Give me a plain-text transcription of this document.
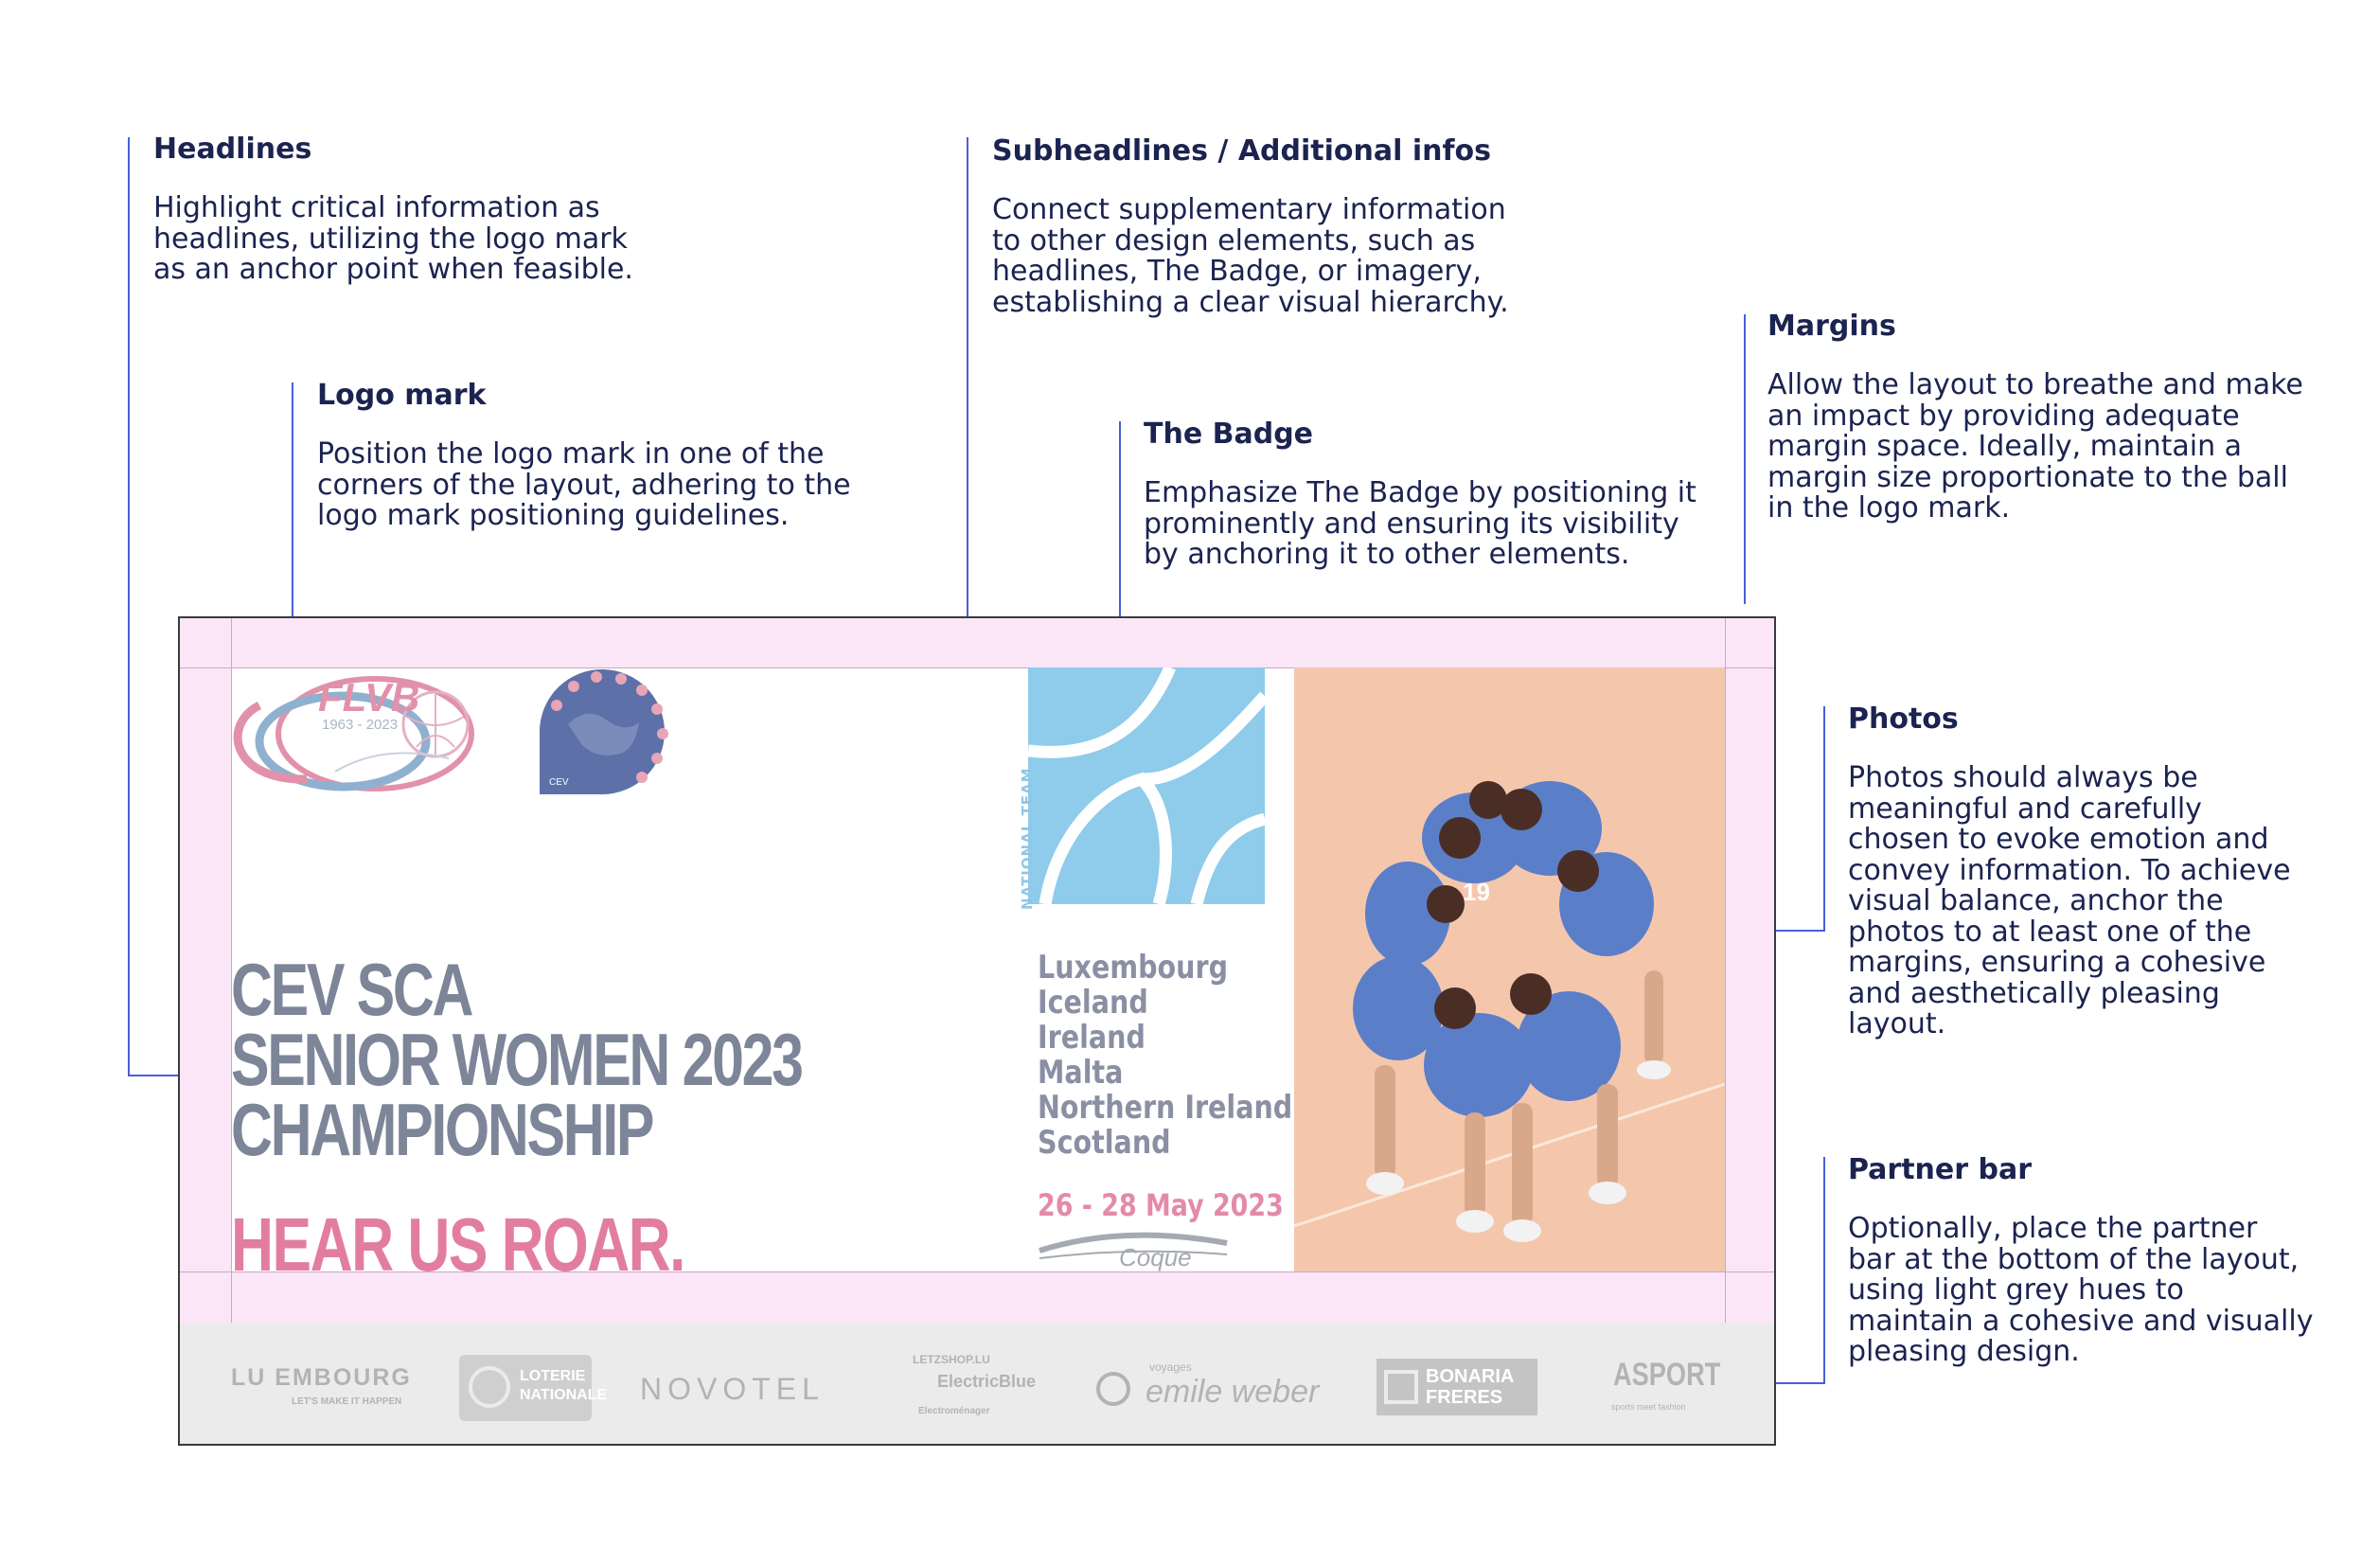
Headlines

Highlight critical information as
headlines, utilizing the logo mark
as an anchor point when feasible.

Logo mark

Position the logo mark in one of the
corners of the layout, adhering to the
logo mark positioning guidelines.

Subheadlines / Additional infos

Connect supplementary information
to other design elements, such as
headlines, The Badge, or imagery,
establishing a clear visual hierarchy.

The Badge

Emphasize The Badge by positioning it
prominently and ensuring its visibility
by anchoring it to other elements.

Margins

Allow the layout to breathe and make
an impact by providing adequate
margin space. Ideally, maintain a
margin size proportionate to the ball
in the logo mark.

Photos

Photos should always be
meaningful and carefully
chosen to evoke emotion and
convey information. To achieve
visual balance, anchor the
photos to at least one of the
margins, ensuring a cohesive
and aesthetically pleasing
layout.

Partner bar

Optionally, place the partner
bar at the bottom of the layout,
using light grey hues to
maintain a cohesive and visually
pleasing design.

FLVB
1963 - 2023
CEV
CEV SCA
SENIOR WOMEN 2023
CHAMPIONSHIP
HEAR US ROAR.
NATIONAL TEAM
Luxembourg
Iceland
Ireland
Malta
Northern Ireland
Scotland
26 - 28 May 2023
Coque
19
LU EMBOURG
LET'S MAKE IT HAPPEN
LOTERIE
NATIONALE NOVOTEL
LETZSHOP.LU
ElectricBlue
Electroménager
voyages
emile weber	BONARIA
FRERES
ASPORT
sports meet fashion
